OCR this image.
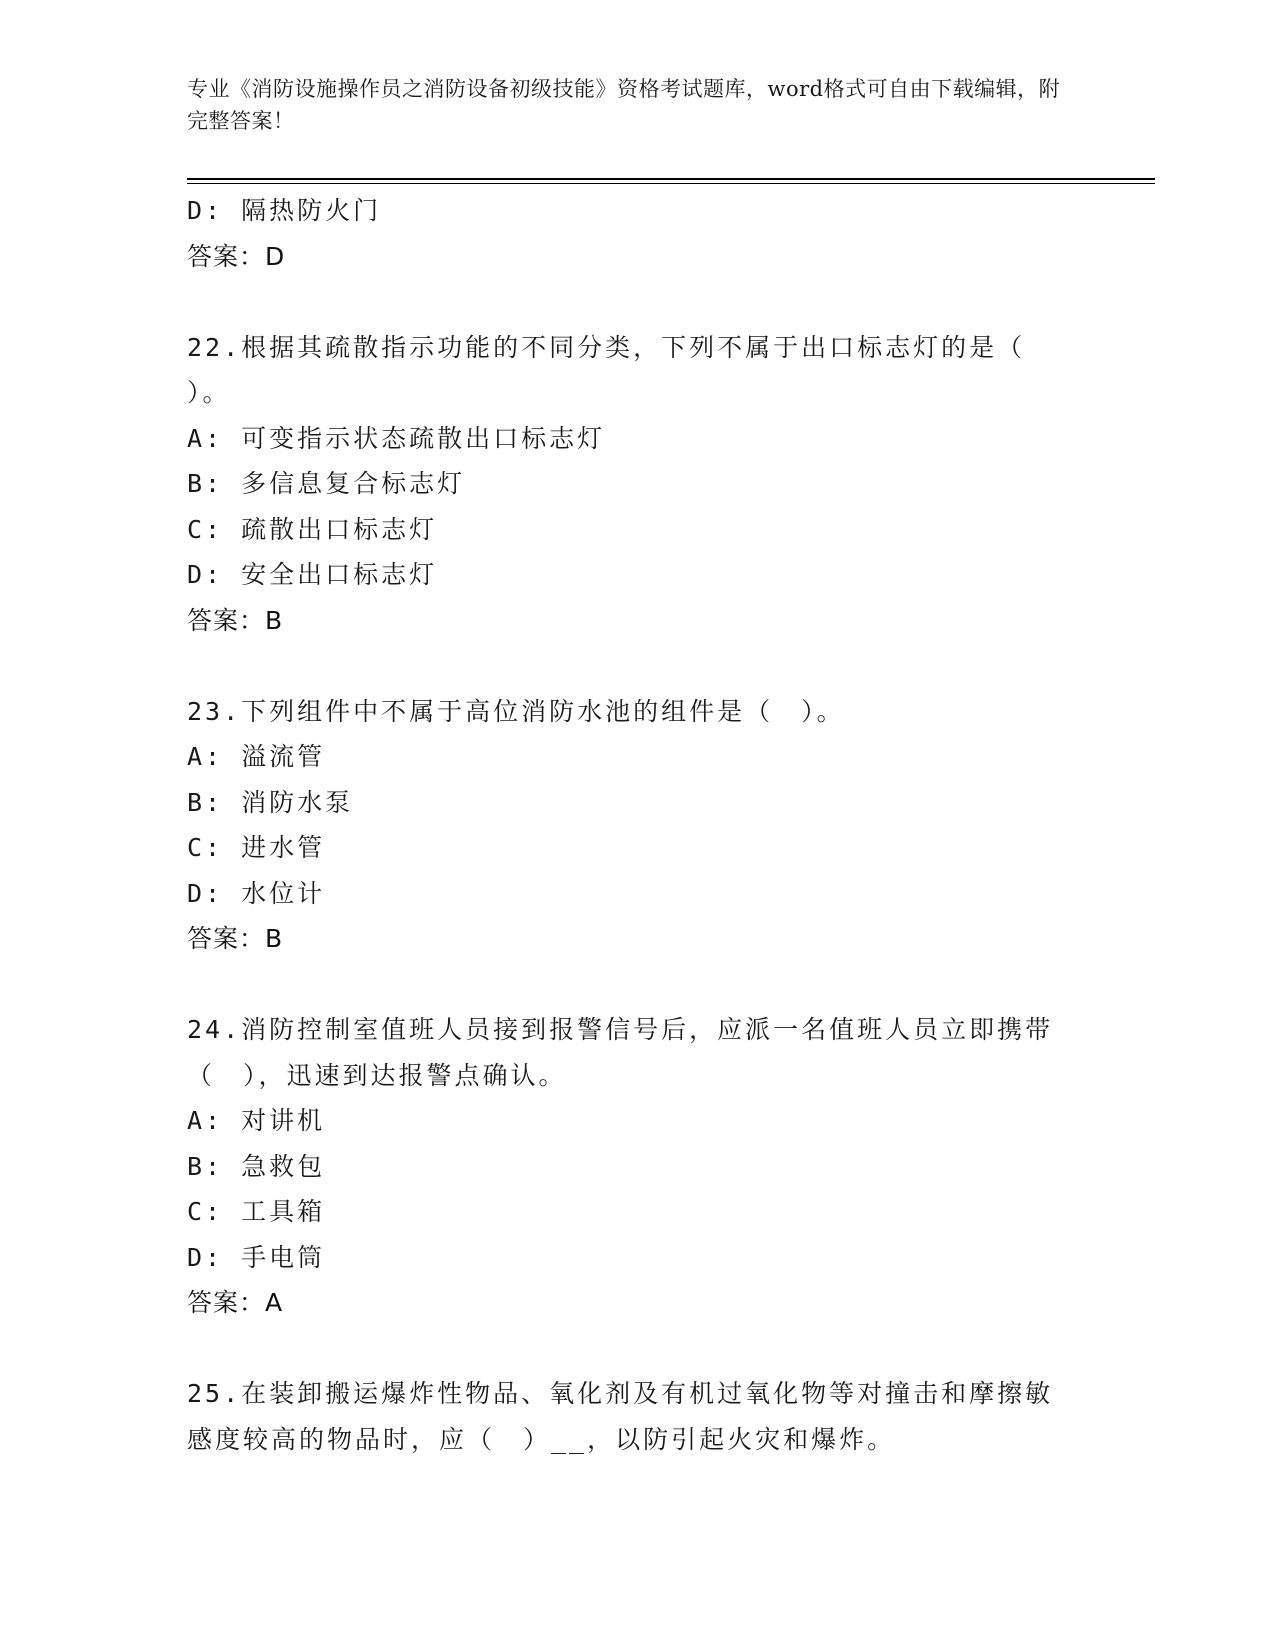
专业《消防设施操作员之消防设备初级技能》资格考试题库，word格式可自由下载编辑，附完整答案！
D: 隔热防火门
答案：D
22.根据其疏散指示功能的不同分类，下列不属于出口标志灯的是（ ）。
A: 可变指示状态疏散出口标志灯
B: 多信息复合标志灯
C: 疏散出口标志灯
D: 安全出口标志灯
答案：B
23.下列组件中不属于高位消防水池的组件是（　）。
A: 溢流管
B: 消防水泵
C: 进水管
D: 水位计
答案：B
24.消防控制室值班人员接到报警信号后，应派一名值班人员立即携带（　），迅速到达报警点确认。
A: 对讲机
B: 急救包
C: 工具箱
D: 手电筒
答案：A
25.在装卸搬运爆炸性物品、氧化剂及有机过氧化物等对撞击和摩擦敏感度较高的物品时，应（　）__，以防引起火灾和爆炸。
